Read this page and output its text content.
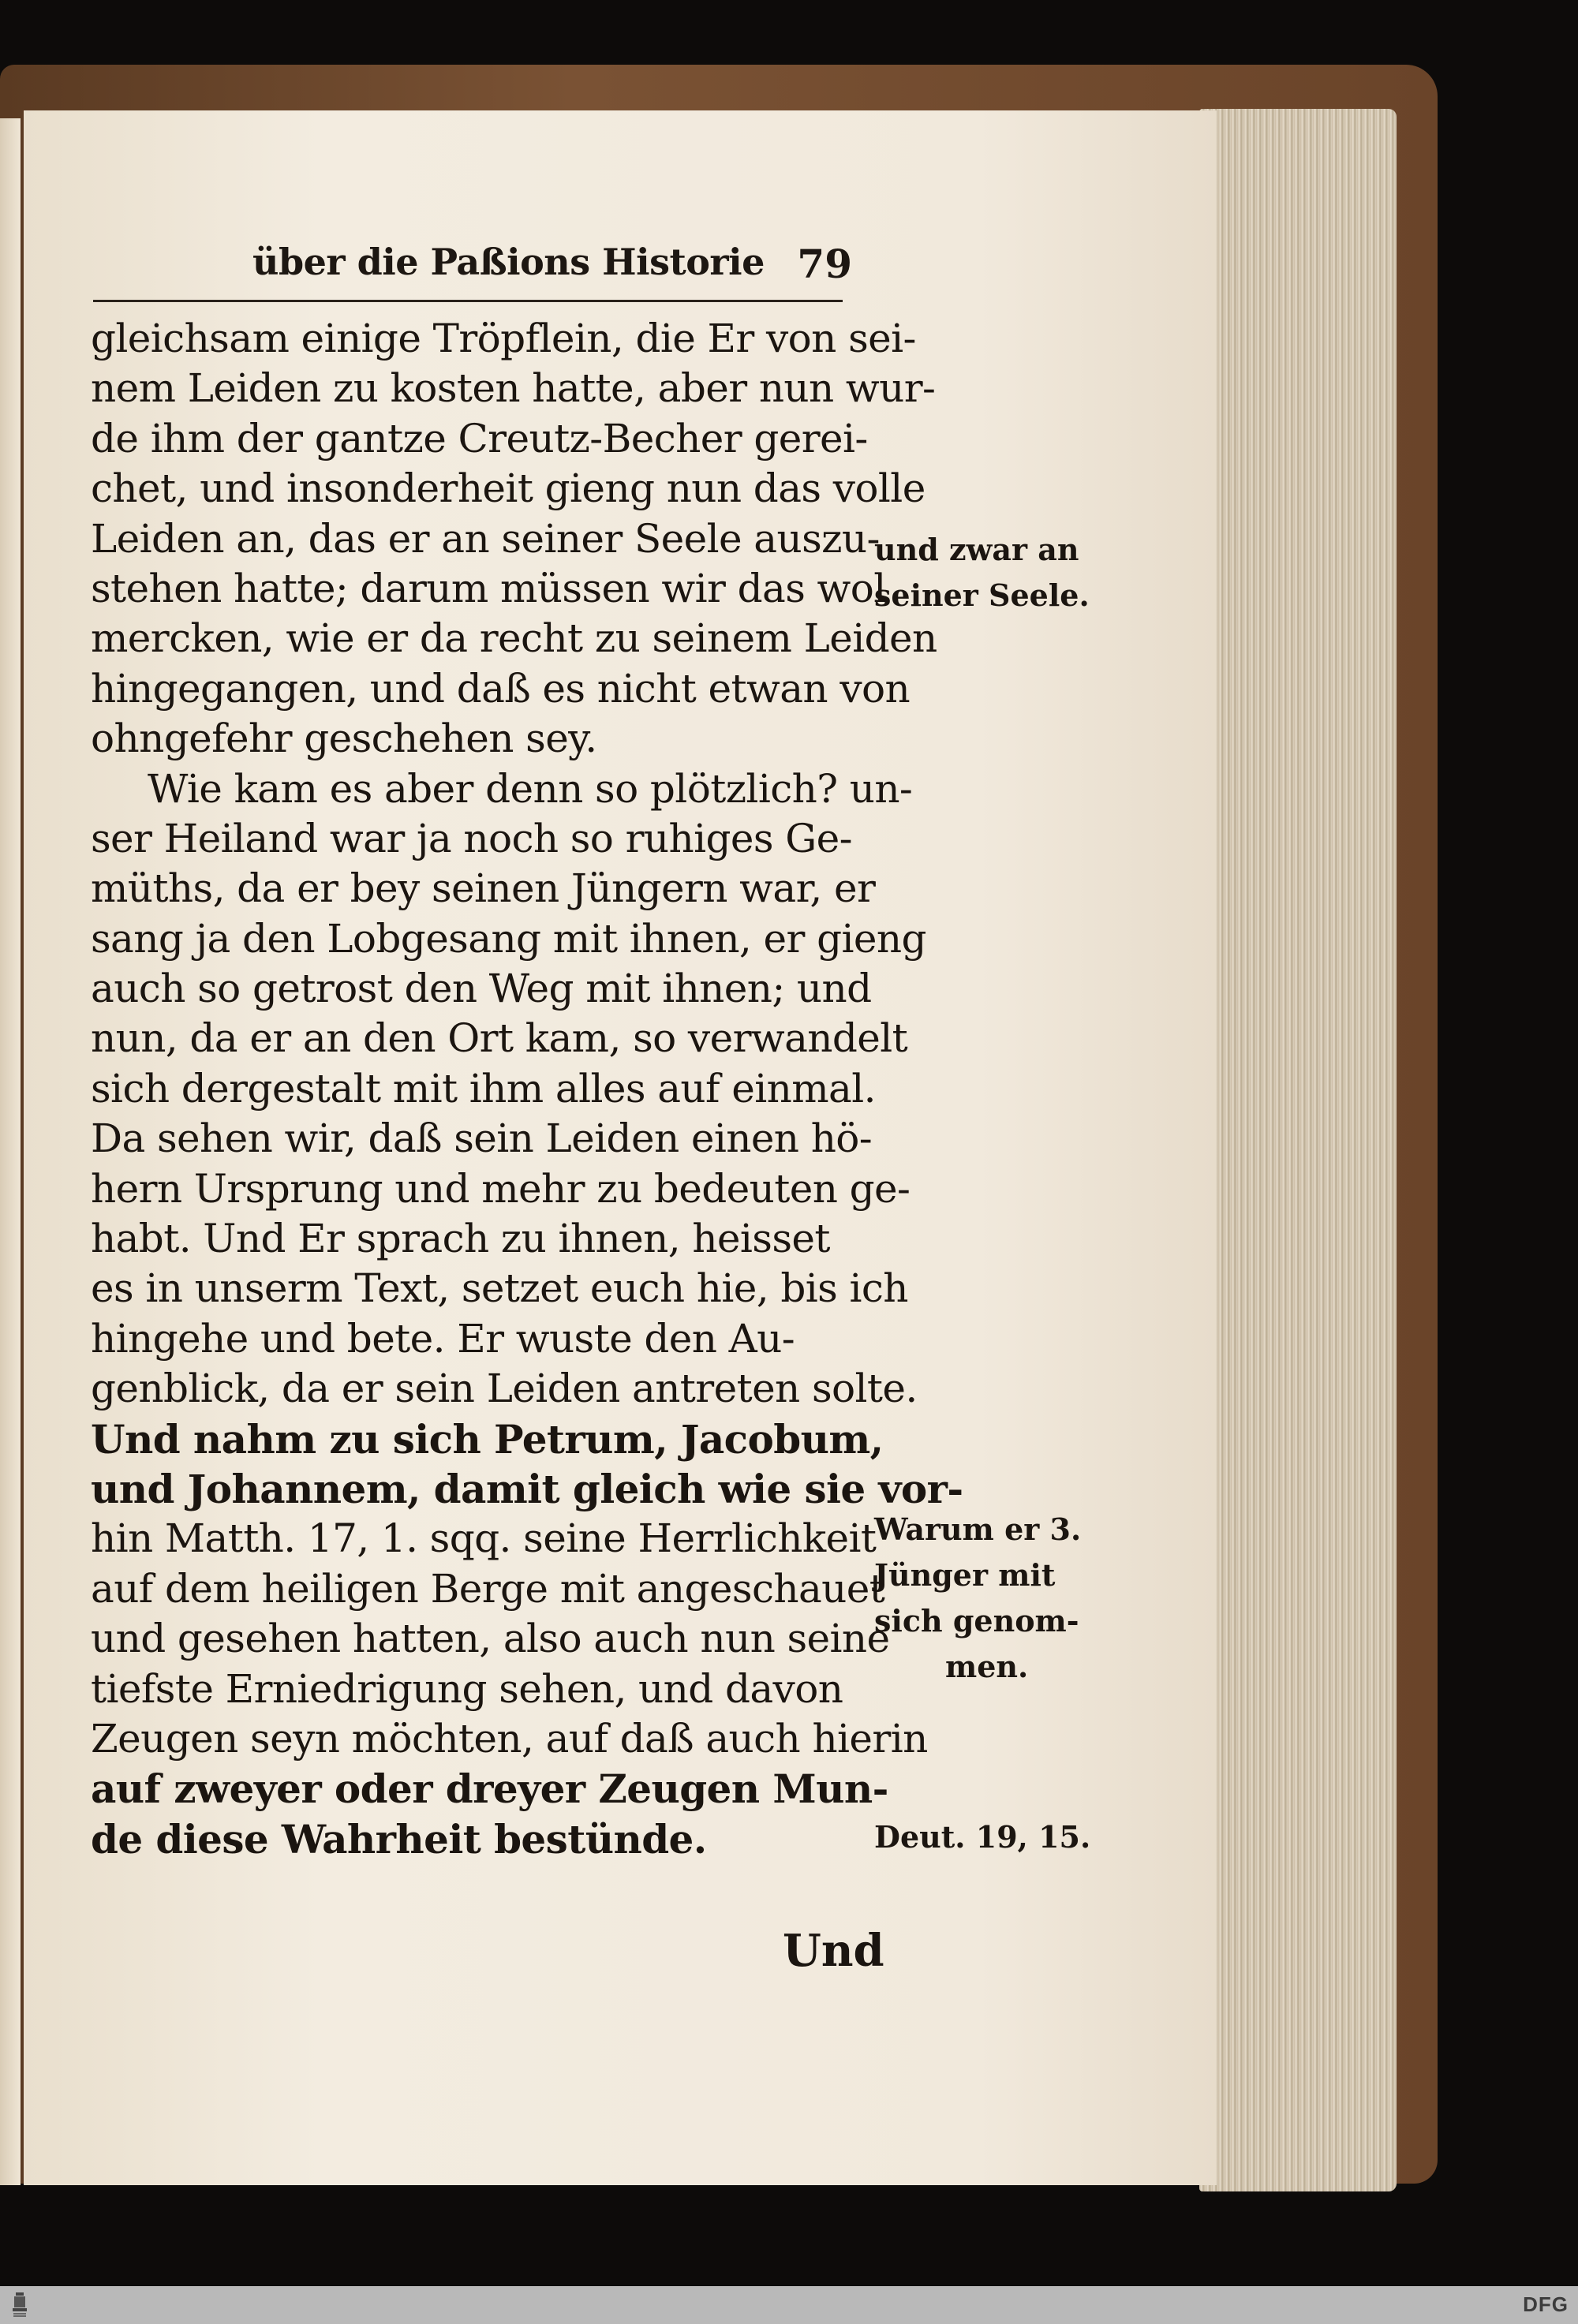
über die Paßions Historie 79
gleichsam einige Tröpflein, die Er von sei-
nem Leiden zu kosten hatte, aber nun wur-
de ihm der gantze Creutz-Becher gerei-
chet, und insonderheit gieng nun das volle
Leiden an, das er an seiner Seele auszu-
stehen hatte; darum müssen wir das wol
mercken, wie er da recht zu seinem Leiden
hingegangen, und daß es nicht etwan von
ohngefehr geschehen sey.
Wie kam es aber denn so plötzlich? un-
ser Heiland war ja noch so ruhiges Ge-
müths, da er bey seinen Jüngern war, er
sang ja den Lobgesang mit ihnen, er gieng
auch so getrost den Weg mit ihnen; und
nun, da er an den Ort kam, so verwandelt
sich dergestalt mit ihm alles auf einmal.
Da sehen wir, daß sein Leiden einen hö-
hern Ursprung und mehr zu bedeuten ge-
habt. Und Er sprach zu ihnen, heisset
es in unserm Text, setzet euch hie, bis ich
hingehe und bete. Er wuste den Au-
genblick, da er sein Leiden antreten solte.
Und nahm zu sich Petrum, Jacobum,
und Johannem, damit gleich wie sie vor-
hin Matth. 17, 1. sqq. seine Herrlichkeit
auf dem heiligen Berge mit angeschauet
und gesehen hatten, also auch nun seine
tiefste Erniedrigung sehen, und davon
Zeugen seyn möchten, auf daß auch hierin
auf zweyer oder dreyer Zeugen Mun-
de diese Wahrheit bestünde.
Und
und zwar an
seiner Seele.
Warum er 3.
Jünger mit
sich genom-
men.
Deut. 19, 15.
DFG
